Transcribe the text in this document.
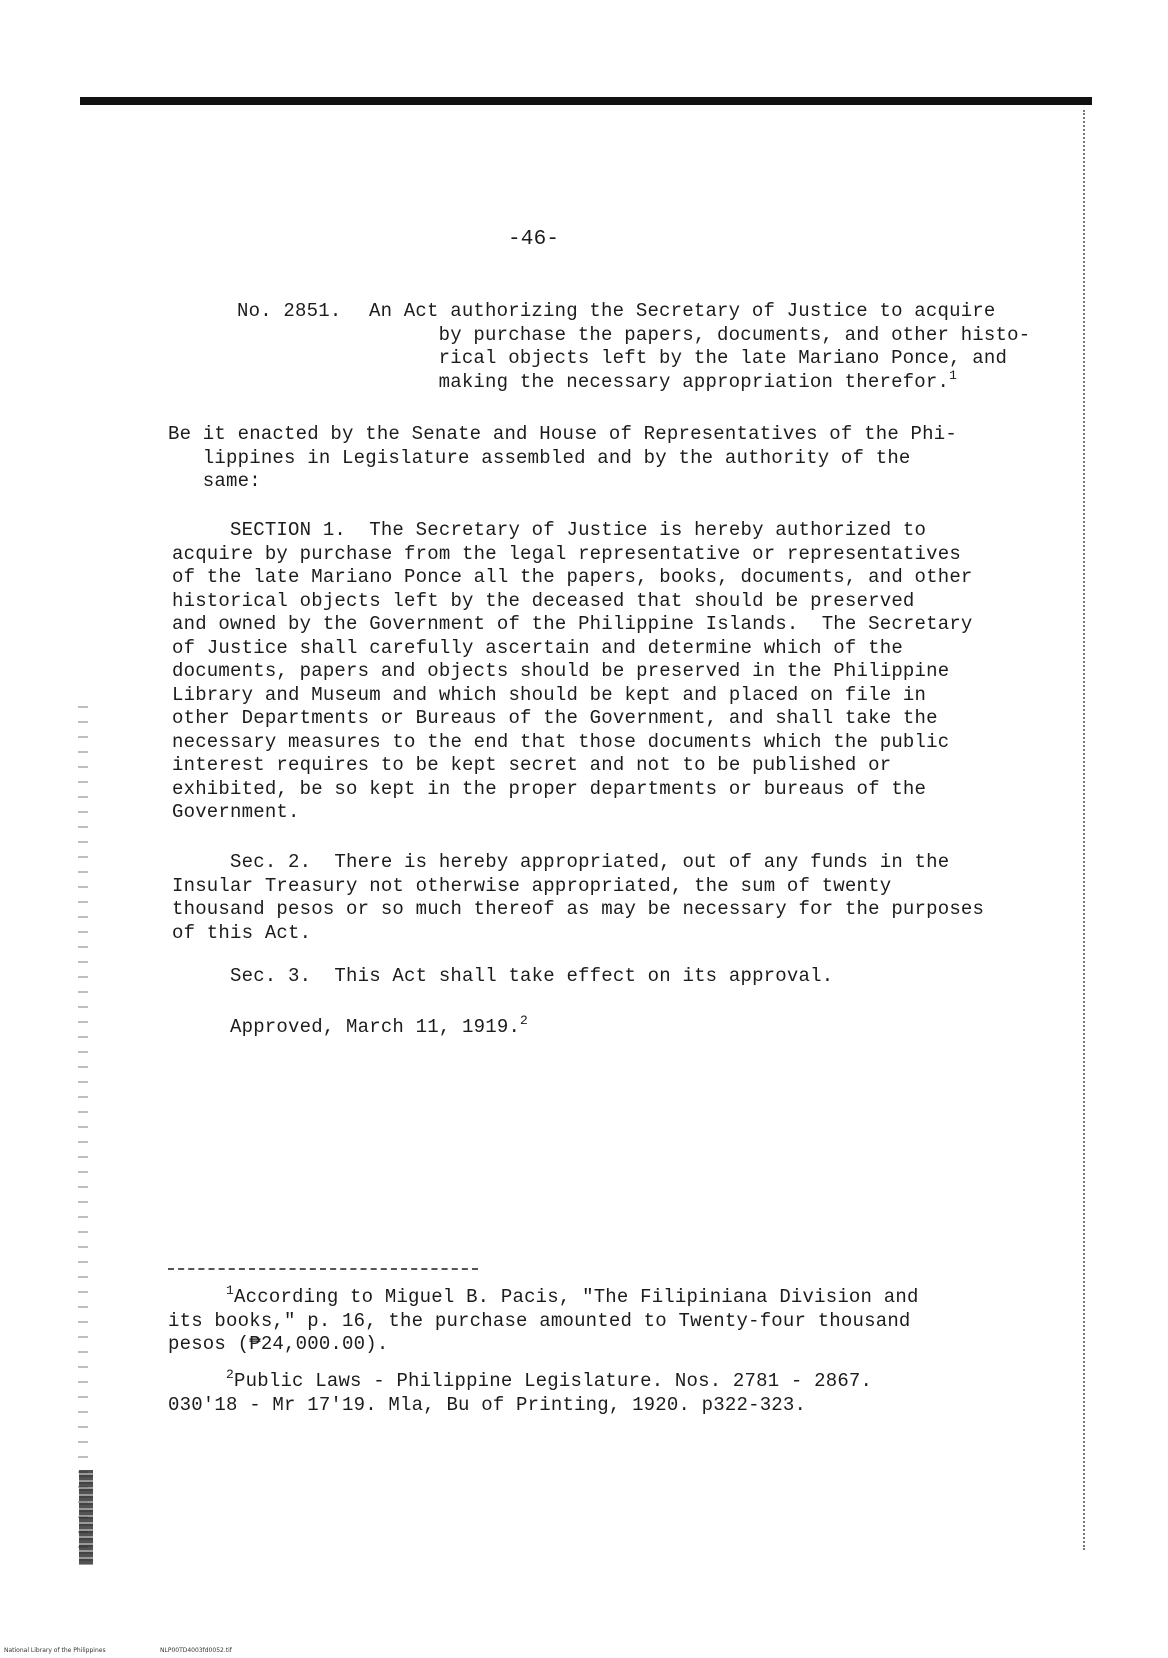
-46-
No. 2851. An Act authorizing the Secretary of Justice to acquire
by purchase the papers, documents, and other histo-
rical objects left by the late Mariano Ponce, and
making the necessary appropriation therefor.$^1$
Be it enacted by the Senate and House of Representatives of the Phi-
lippines in Legislature assembled and by the authority of the
same:
SECTION 1.  The Secretary of Justice is hereby authorized to
acquire by purchase from the legal representative or representatives
of the late Mariano Ponce all the papers, books, documents, and other
historical objects left by the deceased that should be preserved
and owned by the Government of the Philippine Islands.  The Secretary
of Justice shall carefully ascertain and determine which of the
documents, papers and objects should be preserved in the Philippine
Library and Museum and which should be kept and placed on file in
other Departments or Bureaus of the Government, and shall take the
necessary measures to the end that those documents which the public
interest requires to be kept secret and not to be published or
exhibited, be so kept in the proper departments or bureaus of the
Government.
Sec. 2.  There is hereby appropriated, out of any funds in the
Insular Treasury not otherwise appropriated, the sum of twenty
thousand pesos or so much thereof as may be necessary for the purposes
of this Act.
Sec. 3.  This Act shall take effect on its approval.
Approved, March 11, 1919.$^2$
$^1$According to Miguel B. Pacis, "The Filipiniana Division and
its books," p. 16, the purchase amounted to Twenty-four thousand
pesos (₱24,000.00).
$^2$Public Laws - Philippine Legislature. Nos. 2781 - 2867.
030'18 - Mr 17'19. Mla, Bu of Printing, 1920. p322-323.
National Library of the Philippines	NLP00TD4003fd0052.tif
